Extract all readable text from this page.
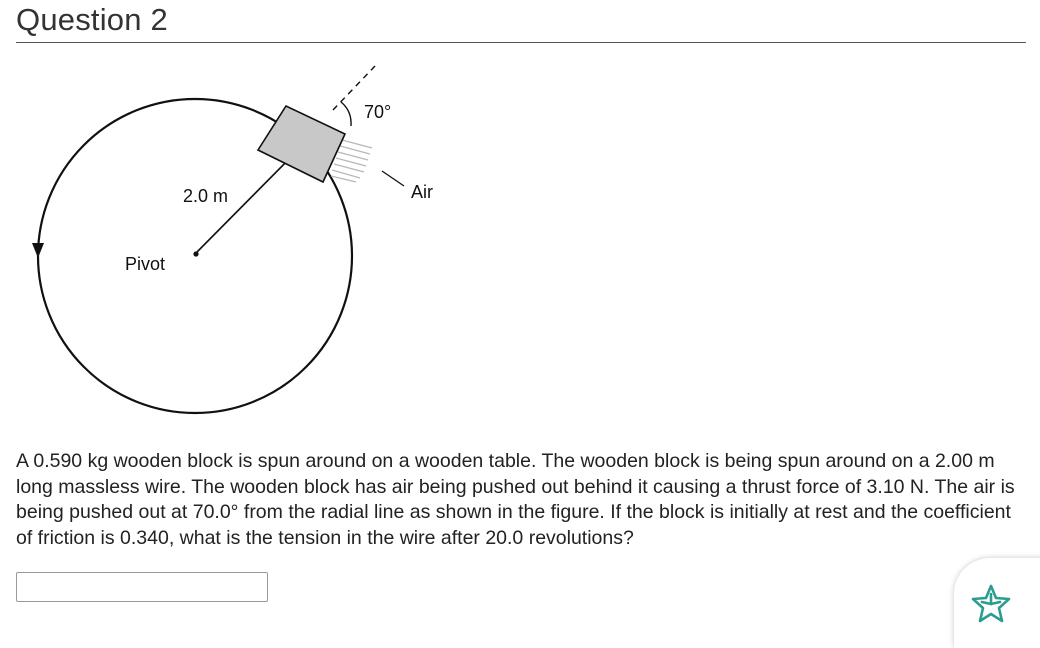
Question 2
70°
2.0 m
Pivot
Air
A 0.590 kg wooden block is spun around on a wooden table. The wooden block is being spun around on a 2.00 m long massless wire. The wooden block has air being pushed out behind it causing a thrust force of 3.10 N. The air is being pushed out at 70.0° from the radial line as shown in the figure. If the block is initially at rest and the coefficient of friction is 0.340, what is the tension in the wire after 20.0 revolutions?
